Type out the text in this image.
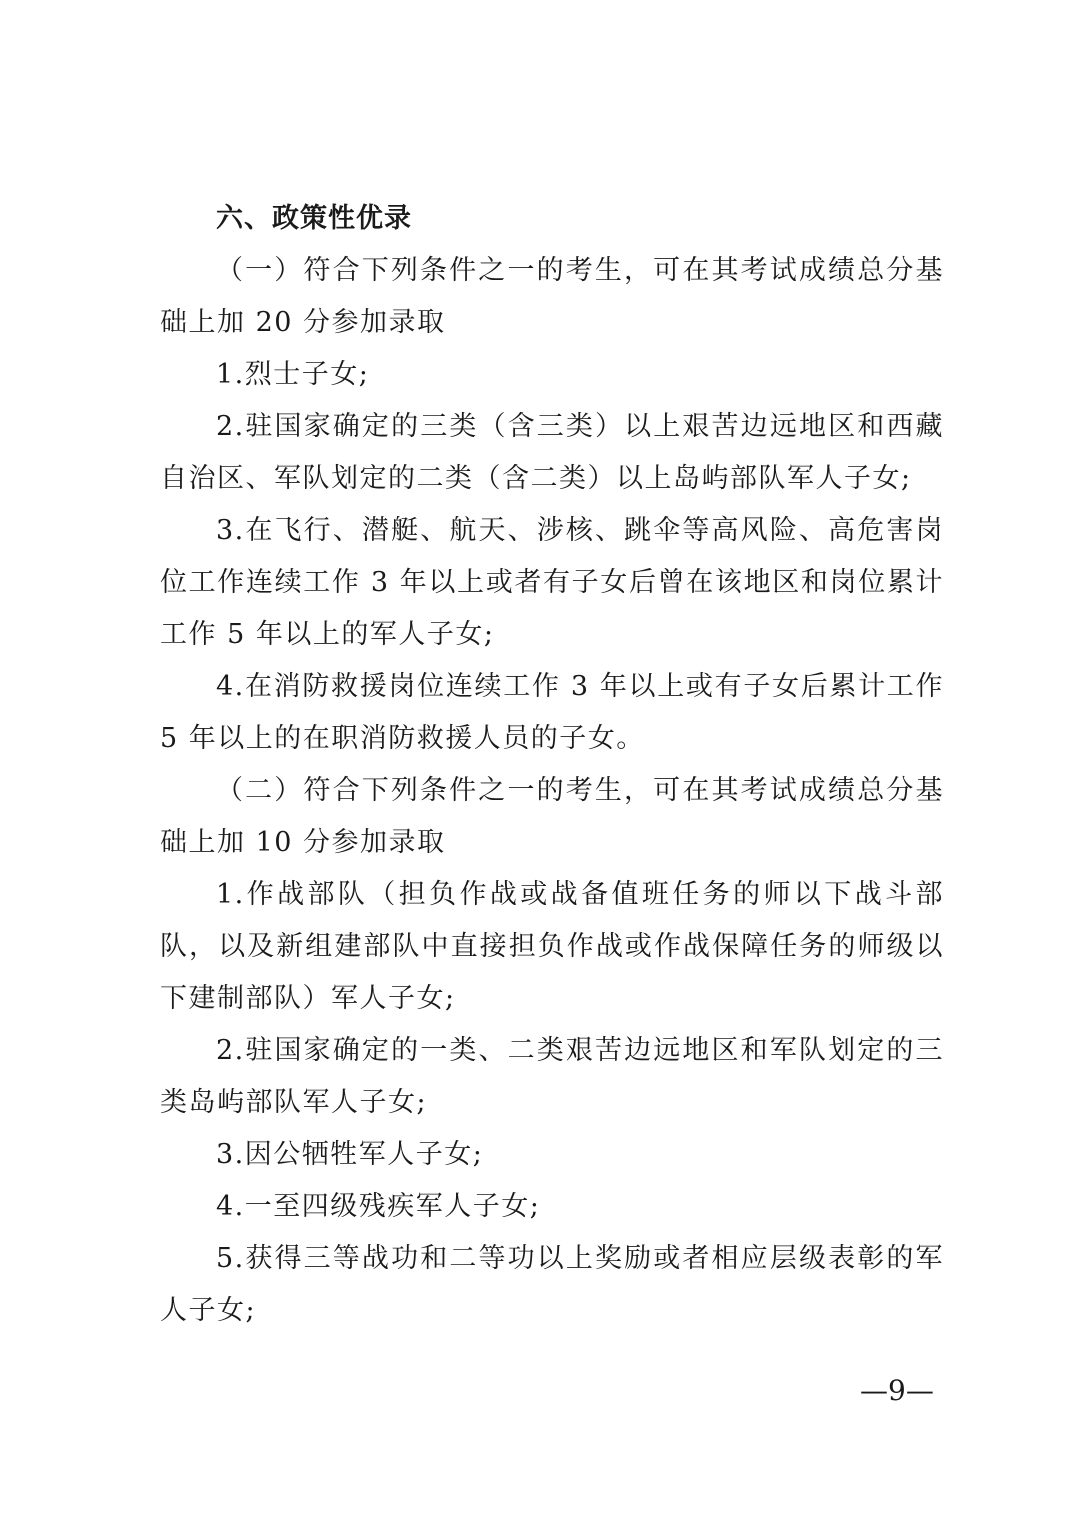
六、政策性优录

（一）符合下列条件之一的考生，可在其考试成绩总分基础上加 20 分参加录取

1.烈士子女;

2.驻国家确定的三类（含三类）以上艰苦边远地区和西藏自治区、军队划定的二类（含二类）以上岛屿部队军人子女;

3.在飞行、潜艇、航天、涉核、跳伞等高风险、高危害岗位工作连续工作 3 年以上或者有子女后曾在该地区和岗位累计工作 5 年以上的军人子女;

4.在消防救援岗位连续工作 3 年以上或有子女后累计工作 5 年以上的在职消防救援人员的子女。

（二）符合下列条件之一的考生，可在其考试成绩总分基础上加 10 分参加录取

1.作战部队（担负作战或战备值班任务的师以下战斗部队，以及新组建部队中直接担负作战或作战保障任务的师级以下建制部队）军人子女;

2.驻国家确定的一类、二类艰苦边远地区和军队划定的三类岛屿部队军人子女;

3.因公牺牲军人子女;

4.一至四级残疾军人子女;

5.获得三等战功和二等功以上奖励或者相应层级表彰的军人子女;

—9—
